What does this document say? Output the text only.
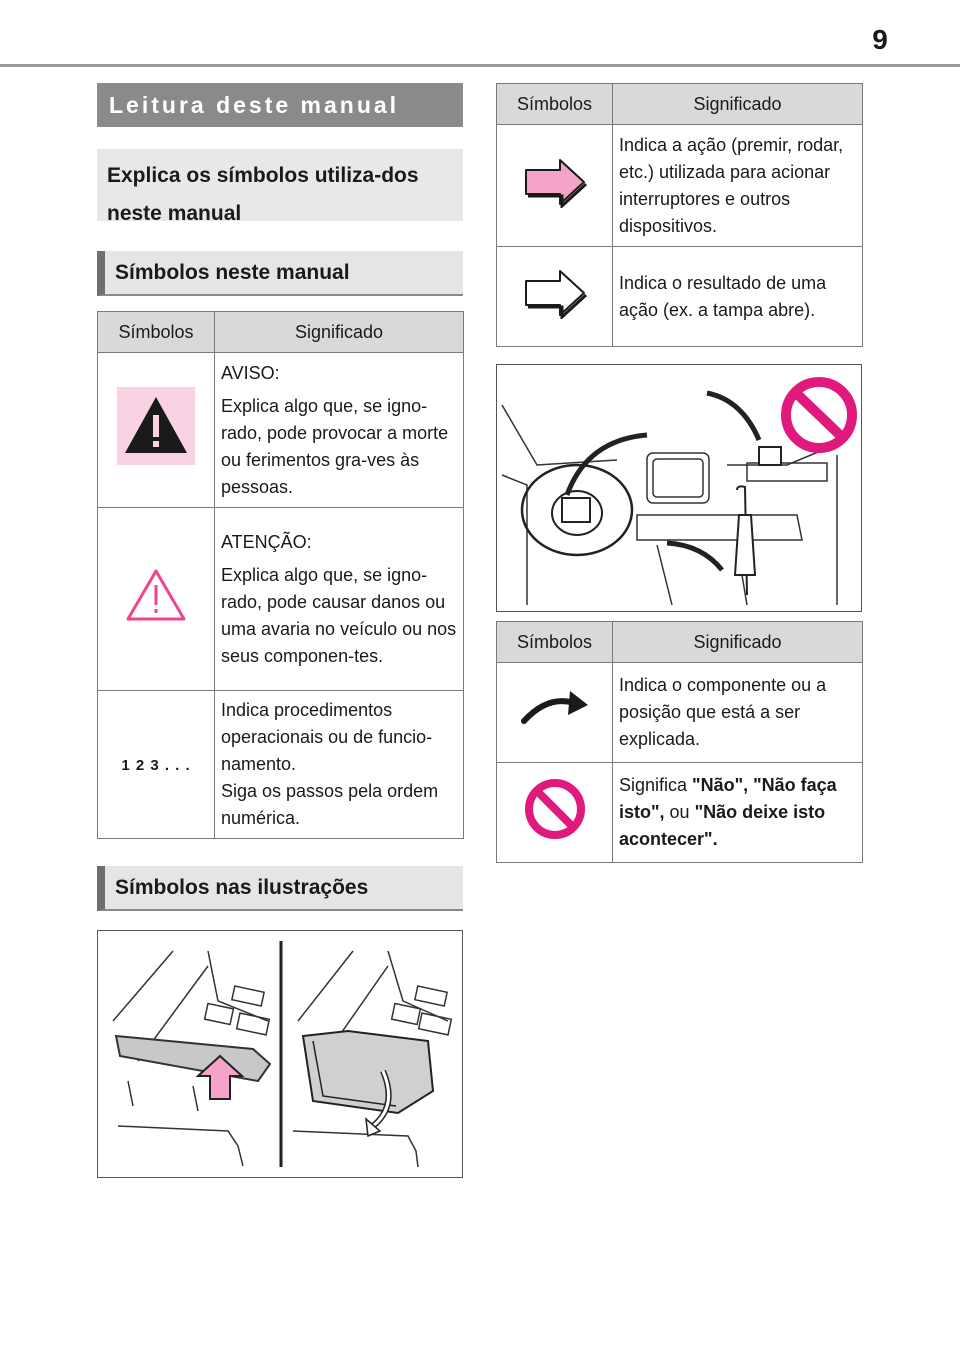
9
Leitura deste manual
Explica os símbolos utiliza-dos neste manual
Símbolos neste manual
Símbolos	Significado

AVISO:

Explica algo que, se igno-rado, pode provocar a morte ou ferimentos gra-ves às pessoas.

ATENÇÃO:

Explica algo que, se igno-rado, pode causar danos ou uma avaria no veículo ou nos seus componen-tes.

1 2 3 . . .	Indica procedimentos operacionais ou de funcio-namento.
Siga os passos pela ordem numérica.
Símbolos nas ilustrações
Símbolos	Significado

Indica a ação (premir, rodar, etc.) utilizada para acionar interruptores e outros dispositivos.

Indica o resultado de uma ação (ex. a tampa abre).
Símbolos	Significado

Indica o componente ou a posição que está a ser explicada.

Significa "Não", "Não faça isto", ou "Não deixe isto acontecer".
